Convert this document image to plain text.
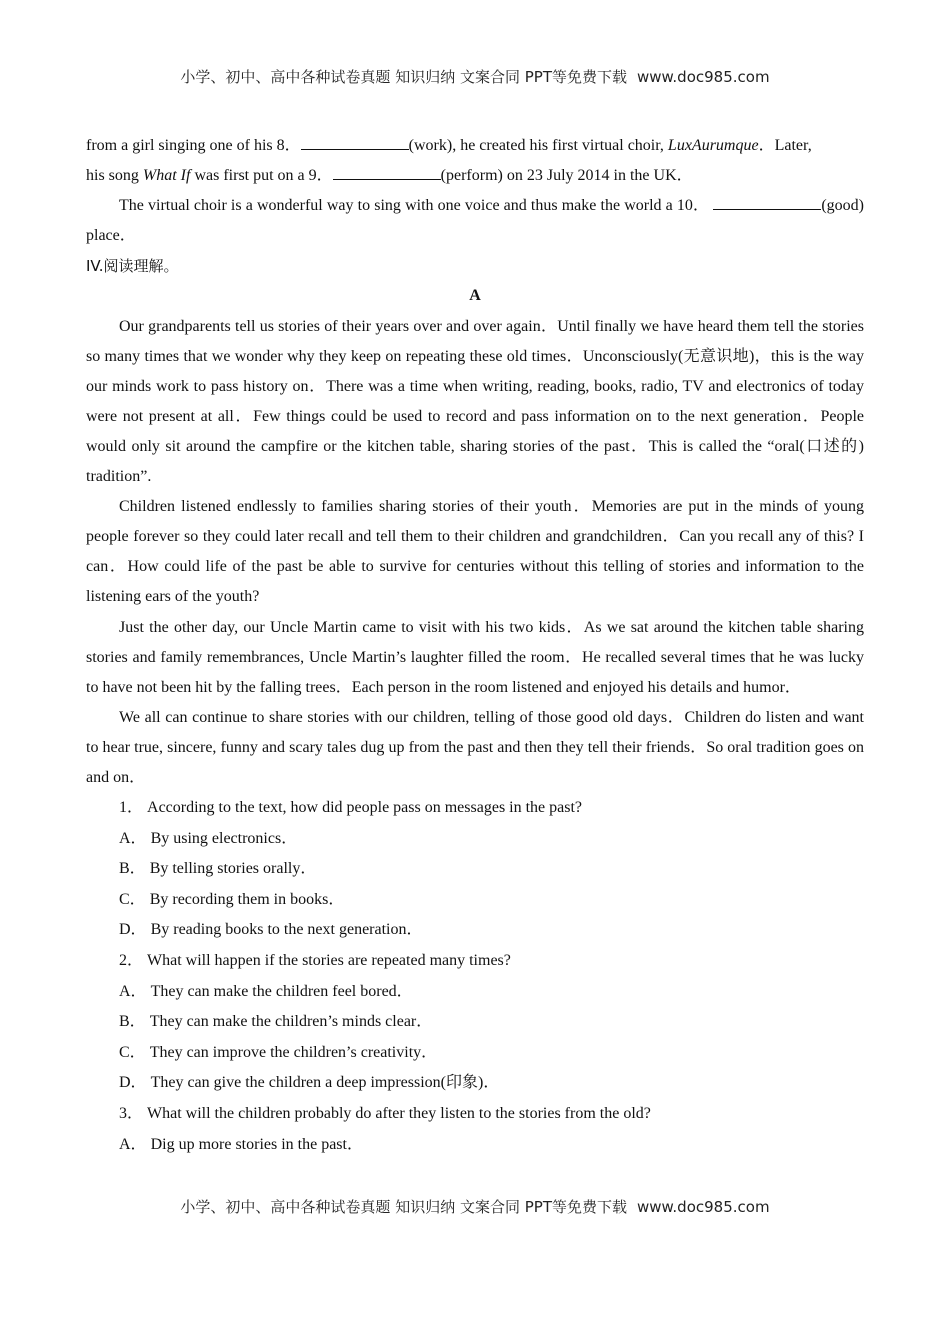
小学、初中、高中各种试卷真题 知识归纳 文案合同 PPT等免费下载 www.doc985.com

from a girl singing one of his 8．	(work), he created his first virtual choir, LuxAurumque．Later,

his song What If was first put on a 9．	(perform) on 23 July 2014 in the UK．

The virtual choir is a wonderful way to sing with one voice and thus make the world a 10．	(good) place．

IV.阅读理解。

A

Our grandparents tell us stories of their years over and over again．Until finally we have heard them tell the stories so many times that we wonder why they keep on repeating these old times．Unconsciously(无意识地)，this is the way our minds work to pass history on．There was a time when writing, reading, books, radio, TV and electronics of today were not present at all．Few things could be used to record and pass information on to the next generation．People would only sit around the campfire or the kitchen table, sharing stories of the past．This is called the “oral(口述的) tradition”.

Children listened endlessly to families sharing stories of their youth．Memories are put in the minds of young people forever so they could later recall and tell them to their children and grandchildren．Can you recall any of this? I can．How could life of the past be able to survive for centuries without this telling of stories and information to the listening ears of the youth?

Just the other day, our Uncle Martin came to visit with his two kids．As we sat around the kitchen table sharing stories and family remembrances, Uncle Martin’s laughter filled the room．He recalled several times that he was lucky to have not been hit by the falling trees．Each person in the room listened and enjoyed his details and humor．

We all can continue to share stories with our children, telling of those good old days．Children do listen and want to hear true, sincere, funny and scary tales dug up from the past and then they tell their friends．So oral tradition goes on and on．

1． According to the text, how did people pass on messages in the past?

A． By using electronics．

B． By telling stories orally．

C． By recording them in books．

D． By reading books to the next generation．

2． What will happen if the stories are repeated many times?

A． They can make the children feel bored．

B． They can make the children’s minds clear．

C． They can improve the children’s creativity．

D． They can give the children a deep impression(印象)．

3． What will the children probably do after they listen to the stories from the old?

A． Dig up more stories in the past．

小学、初中、高中各种试卷真题 知识归纳 文案合同 PPT等免费下载 www.doc985.com
